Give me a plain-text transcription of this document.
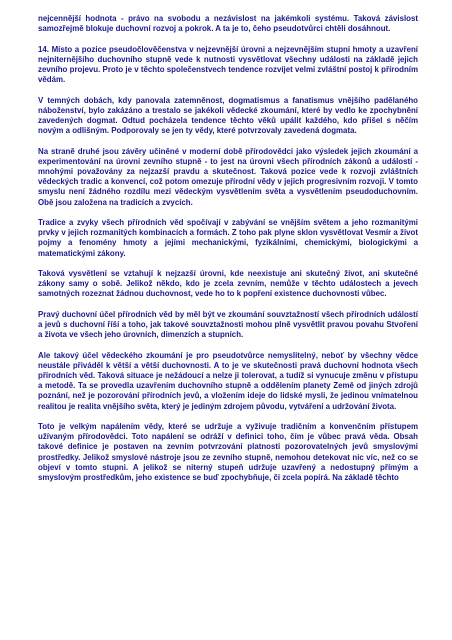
nejcennější hodnota - právo na svobodu a nezávislost na jakémkoli systému. Taková závislost samozřejmě blokuje duchovní rozvoj a pokrok. A ta je to, čeho pseudotvůrci chtěli dosáhnout.

14. Místo a pozice pseudočlověčenstva v nejzevnější úrovni a nejzevnějším stupni hmoty a uzavření nejniternějšího duchovního stupně vede k nutnosti vysvětlovat všechny události na základě jejich zevního projevu. Proto je v těchto společenstvech tendence rozvíjet velmi zvláštní postoj k přírodním vědám.

V temných dobách, kdy panovala zatemněnost, dogmatismus a fanatismus vnějšího padělaného náboženství, bylo zakázáno a trestalo se jakékoli vědecké zkoumání, které by vedlo ke zpochybnění zavedených dogmat. Odtud pocházela tendence těchto věků upálit každého, kdo přišel s něčím novým a odlišným. Podporovaly se jen ty vědy, které potvrzovaly zavedená dogmata.

Na straně druhé jsou závěry učiněné v moderní době přírodovědci jako výsledek jejich zkoumání a experimentování na úrovni zevního stupně - to jest na úrovni všech přírodních zákonů a událostí - mnohými považovány za nejzazší pravdu a skutečnost. Taková pozice vede k rozvoji zvláštních vědeckých tradic a konvencí, což potom omezuje přírodní vědy v jejich progresivním rozvoji. V tomto smyslu není žádného rozdílu mezi vědeckým vysvětlením světa a vysvětlením pseudoduchovním. Obě jsou založena na tradicích a zvycích.

Tradice a zvyky všech přírodních věd spočívají v zabývání se vnějším světem a jeho rozmanitými prvky v jejich rozmanitých kombinacích a formách. Z toho pak plyne sklon vysvětlovat Vesmír a život pojmy a fenomény hmoty a jejími mechanickými, fyzikálními, chemickými, biologickými a matematickými zákony.

Taková vysvětlení se vztahují k nejzazší úrovni, kde neexistuje ani skutečný život, ani skutečné zákony samy o sobě. Jelikož někdo, kdo je zcela zevním, nemůže v těchto událostech a jevech samotných rozeznat žádnou duchovnost, vede ho to k popření existence duchovnosti vůbec.

Pravý duchovní účel přírodních věd by měl být ve zkoumání souvztažností všech přírodních událostí a jevů s duchovní říší a toho, jak takové souvztažnosti mohou plně vysvětlit pravou povahu Stvoření a života ve všech jeho úrovních, dimenzích a stupních.

Ale takový účel vědeckého zkoumání je pro pseudotvůrce nemyslitelný, neboť by všechny vědce neustále přiváděl k větší a větší duchovnosti. A to je ve skutečnosti pravá duchovní hodnota všech přírodních věd. Taková situace je nežádoucí a nelze ji tolerovat, a tudíž si vynucuje změnu v přístupu a metodě. Ta se provedla uzavřením duchovního stupně a oddělením planety Země od jiných zdrojů poznání, než je pozorování přírodních jevů, a vložením ideje do lidské mysli, že jedinou vnímatelnou realitou je realita vnějšího světa, který je jediným zdrojem původu, vytváření a udržování života.

Toto je velkým napálením vědy, které se udržuje a vyživuje tradičním a konvenčním přístupem užívaným přírodovědci. Toto napálení se odráží v definici toho, čím je vůbec pravá věda. Obsah takové definice je postaven na zevním potvrzování platnosti pozorovatelných jevů smyslovými prostředky. Jelikož smyslové nástroje jsou ze zevního stupně, nemohou detekovat nic víc, než co se objeví v tomto stupni. A jelikož se niterný stupeň udržuje uzavřený a nedostupný přímým a smyslovým prostředkům, jeho existence se buď zpochybňuje, či zcela popírá. Na základě těchto
